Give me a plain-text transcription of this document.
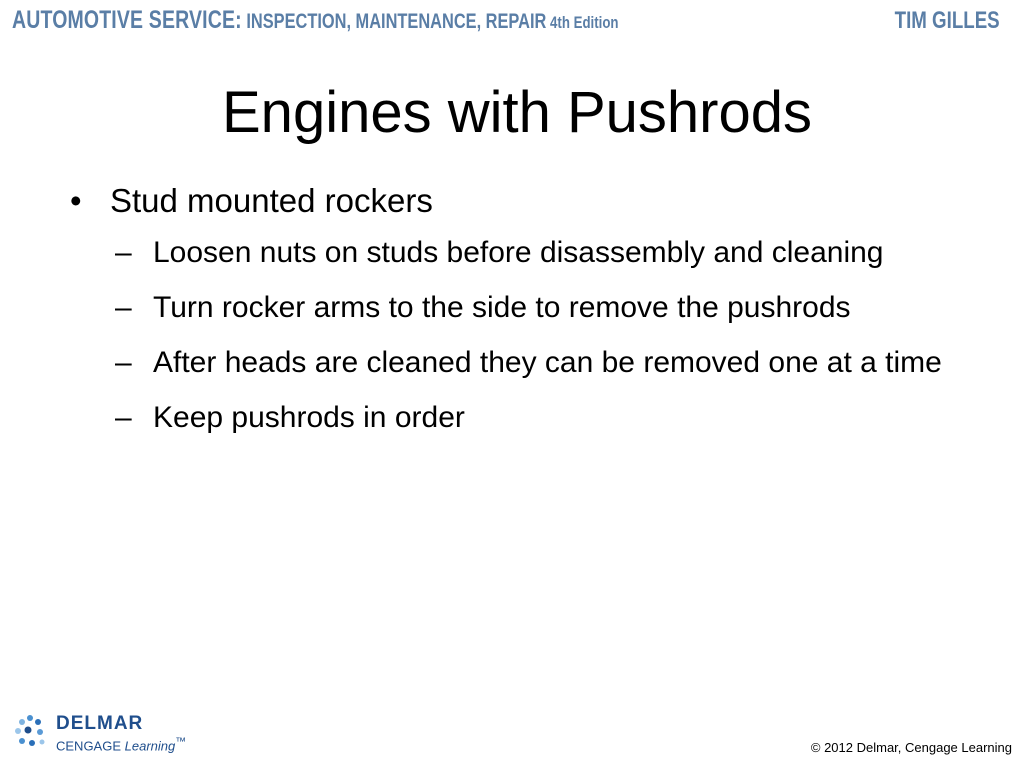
AUTOMOTIVE SERVICE: INSPECTION, MAINTENANCE, REPAIR 4th Edition	TIM GILLES
Engines with Pushrods
• Stud mounted rockers
– Loosen nuts on studs before disassembly and cleaning
– Turn rocker arms to the side to remove the pushrods
– After heads are cleaned they can be removed one at a time
– Keep pushrods in order
DELMAR
CENGAGE Learning™	© 2012 Delmar, Cengage Learning
